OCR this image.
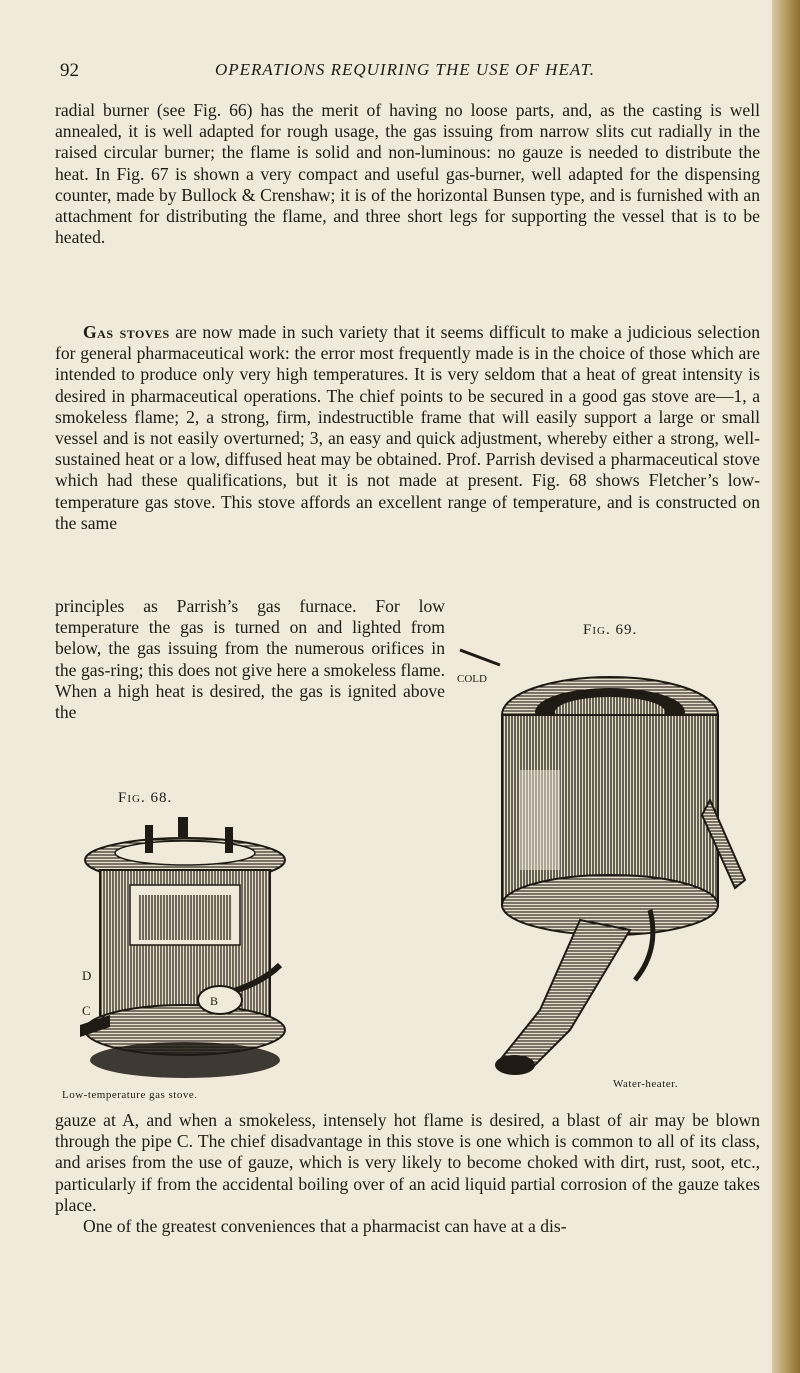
92	OPERATIONS REQUIRING THE USE OF HEAT.

radial burner (see Fig. 66) has the merit of having no loose parts, and, as the casting is well annealed, it is well adapted for rough usage, the gas issuing from narrow slits cut radially in the raised circular burner; the flame is solid and non-luminous: no gauze is needed to distribute the heat. In Fig. 67 is shown a very compact and useful gas-burner, well adapted for the dispensing counter, made by Bullock & Crenshaw; it is of the horizontal Bunsen type, and is furnished with an attachment for distributing the flame, and three short legs for supporting the vessel that is to be heated.

Gas stoves are now made in such variety that it seems difficult to make a judicious selection for general pharmaceutical work: the error most frequently made is in the choice of those which are intended to produce only very high temperatures. It is very seldom that a heat of great intensity is desired in pharmaceutical operations. The chief points to be secured in a good gas stove are—1, a smokeless flame; 2, a strong, firm, indestructible frame that will easily support a large or small vessel and is not easily overturned; 3, an easy and quick adjustment, whereby either a strong, well-sustained heat or a low, diffused heat may be obtained. Prof. Parrish devised a pharmaceutical stove which had these qualifications, but it is not made at present. Fig. 68 shows Fletcher’s low-temperature gas stove. This stove affords an excellent range of temperature, and is constructed on the same

principles as Parrish’s gas furnace. For low temperature the gas is turned on and lighted from below, the gas issuing from the numerous orifices in the gas-ring; this does not give here a smokeless flame. When a high heat is desired, the gas is ignited above the

Fig. 68.
D
C
B
Low-temperature gas stove.
Fig. 69.
COLD
Water-heater.

gauze at A, and when a smokeless, intensely hot flame is desired, a blast of air may be blown through the pipe C. The chief disadvantage in this stove is one which is common to all of its class, and arises from the use of gauze, which is very likely to become choked with dirt, rust, soot, etc., particularly if from the accidental boiling over of an acid liquid partial corrosion of the gauze takes place.

One of the greatest conveniences that a pharmacist can have at a dis-
